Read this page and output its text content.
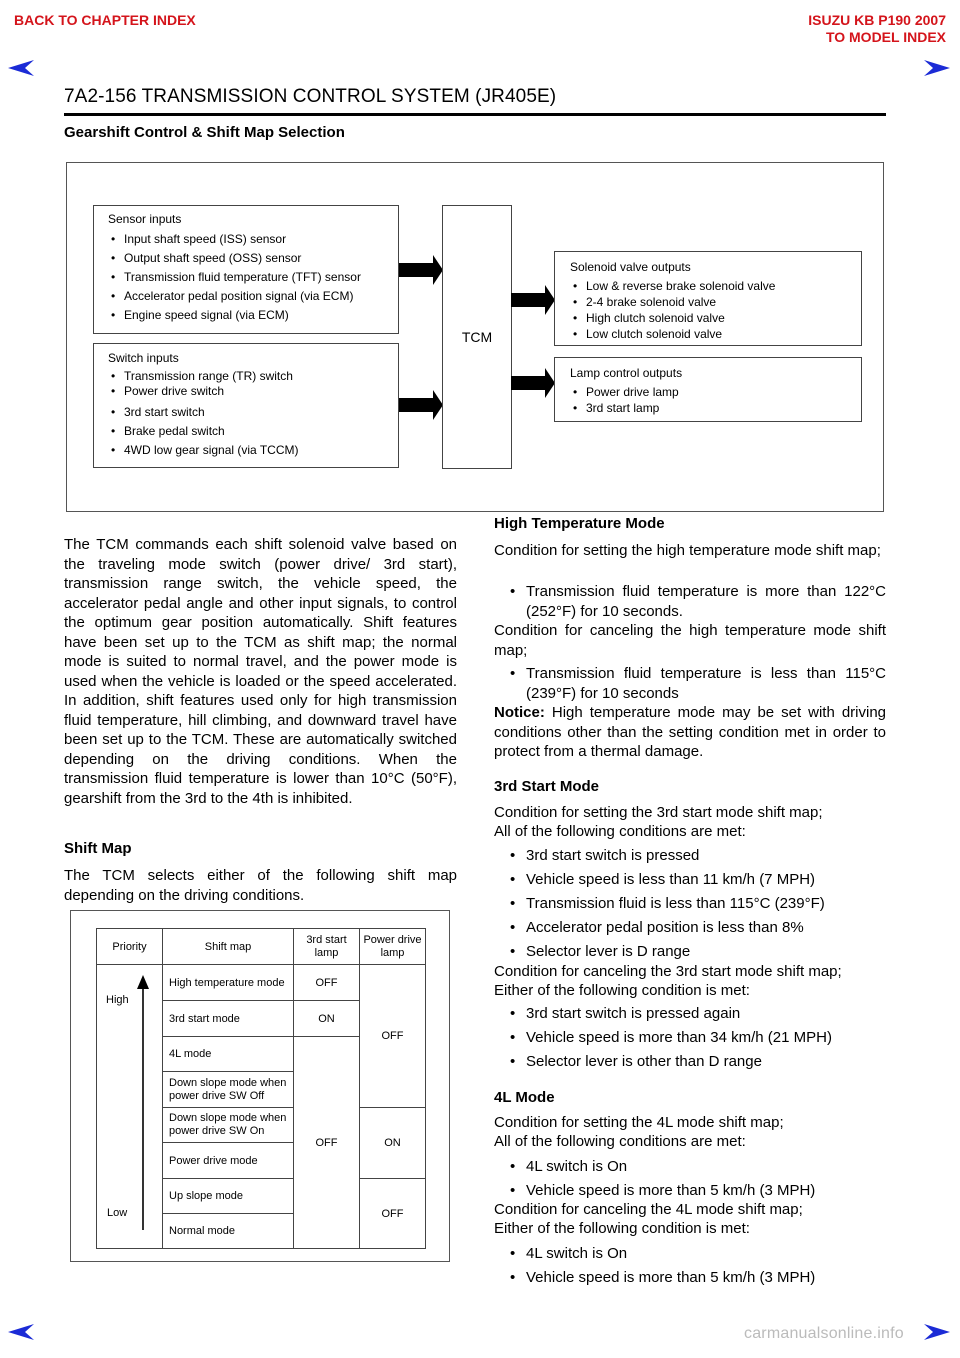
BACK TO CHAPTER INDEX	ISUZU KB P190 2007
TO MODEL INDEX
7A2-156 TRANSMISSION CONTROL SYSTEM (JR405E)
Gearshift Control & Shift Map Selection
Sensor inputs
• Input shaft speed (ISS) sensor
• Output shaft speed (OSS) sensor
• Transmission fluid temperature (TFT) sensor
• Accelerator pedal position signal (via ECM)
• Engine speed signal (via ECM)
Switch inputs
• Transmission range (TR) switch
• Power drive switch
• 3rd start switch
• Brake pedal switch
• 4WD low gear signal (via TCCM)
TCM
Solenoid valve outputs
• Low & reverse brake solenoid valve
• 2-4 brake solenoid valve
• High clutch solenoid valve
• Low clutch solenoid valve
Lamp control outputs
• Power drive lamp
• 3rd start lamp
The TCM commands each shift solenoid valve based on the traveling mode switch (power drive/ 3rd start), transmission range switch, the vehicle speed, the accelerator pedal angle and other input signals, to control the optimum gear position automatically. Shift features have been set up to the TCM as shift map; the normal mode is suited to normal travel, and the power mode is used when the vehicle is loaded or the speed accelerated. In addition, shift features used only for high transmission fluid temperature, hill climbing, and downward travel have been set up to the TCM. These are automatically switched depending on the driving conditions. When the transmission fluid temperature is lower than 10°C (50°F), gearshift from the 3rd to the 4th is inhibited.
Shift Map
The TCM selects either of the following shift map depending on the driving conditions.
Priority	Shift map
3rd start lamp
Power drive lamp
High
Low
High temperature mode
3rd start mode
4L mode
Down slope mode when power drive SW Off
Down slope mode when power drive SW On
Power drive mode
Up slope mode
Normal mode
OFF
ON
OFF
OFF
ON
OFF
High Temperature Mode
Condition for setting the high temperature mode shift map;
• Transmission fluid temperature is more than 122°C (252°F) for 10 seconds.
Condition for canceling the high temperature mode shift map;
• Transmission fluid temperature is less than 115°C (239°F) for 10 seconds
Notice: High temperature mode may be set with driving conditions other than the setting condition met in order to protect from a thermal damage.
3rd Start Mode
Condition for setting the 3rd start mode shift map;
All of the following conditions are met:
• 3rd start switch is pressed
• Vehicle speed is less than 11 km/h (7 MPH)
• Transmission fluid is less than 115°C (239°F)
• Accelerator pedal position is less than 8%
• Selector lever is D range
Condition for canceling the 3rd start mode shift map;
Either of the following condition is met:
• 3rd start switch is pressed again
• Vehicle speed is more than 34 km/h (21 MPH)
• Selector lever is other than D range
4L Mode
Condition for setting the 4L mode shift map;
All of the following conditions are met:
• 4L switch is On
• Vehicle speed is more than 5 km/h (3 MPH)
Condition for canceling the 4L mode shift map;
Either of the following condition is met:
• 4L switch is On
• Vehicle speed is more than 5 km/h (3 MPH)
carmanualsonline.info
